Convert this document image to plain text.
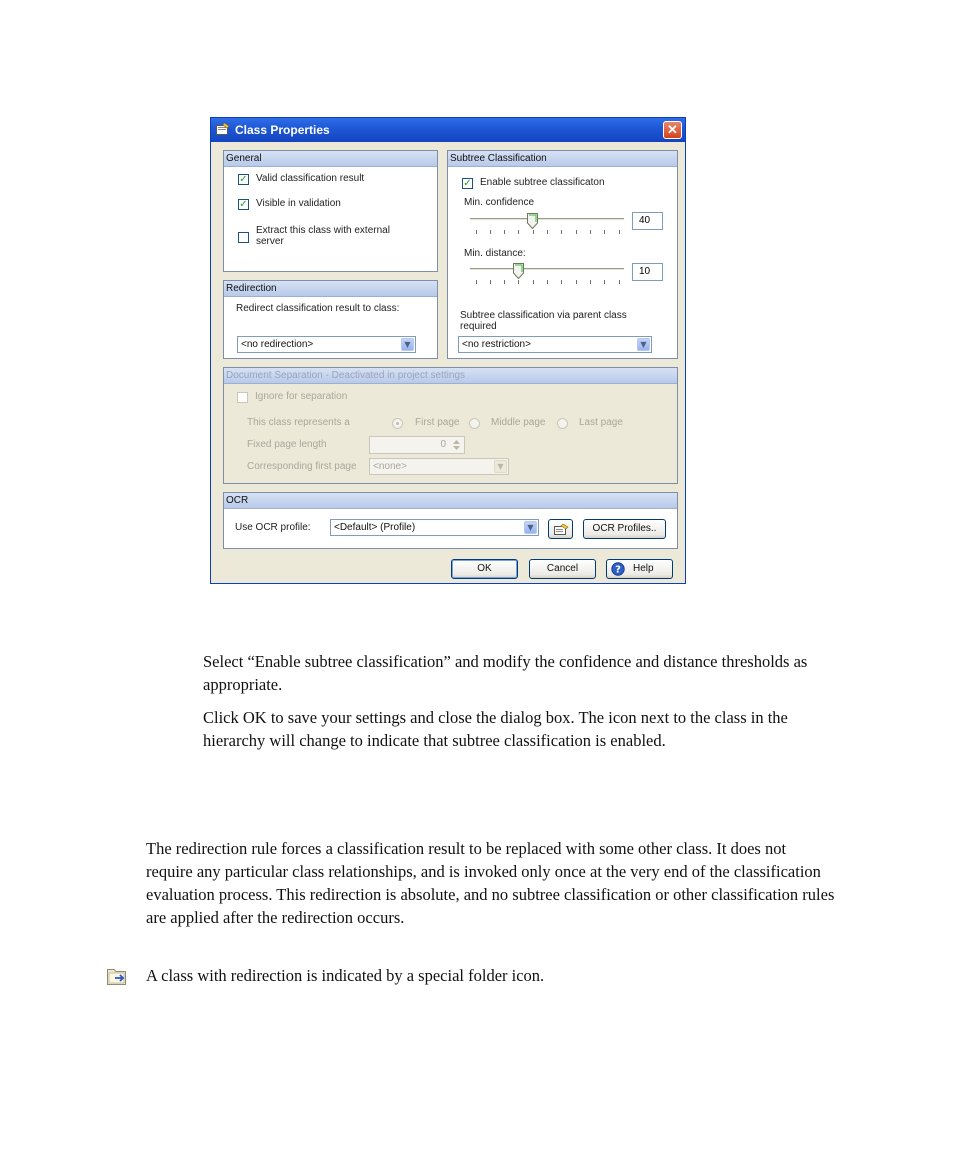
Class Properties	✕
General
✓ Valid classification result
✓ Visible in validation
Extract this class with external server
Subtree Classification
✓ Enable subtree classificaton
Min. confidence
40
Min. distance:
10
Subtree classification via parent class required
<no restriction>	▼
Redirection
Redirect classification result to class:
<no redirection>	▼
Document Separation - Deactivated in project settings
Ignore for separation
This class represents a	First page	Middle page	Last page
Fixed page length	0
Corresponding first page <none>	▼
OCR
Use OCR profile: <Default> (Profile)	▼	OCR Profiles..
OK	Cancel	? Help
Select “Enable subtree classification” and modify the confidence and distance thresholds as appropriate.
Click OK to save your settings and close the dialog box. The icon next to the class in the hierarchy will change to indicate that subtree classification is enabled.
The redirection rule forces a classification result to be replaced with some other class. It does not require any particular class relationships, and is invoked only once at the very end of the classification evaluation process. This redirection is absolute, and no subtree classification or other classification rules are applied after the redirection occurs.
A class with redirection is indicated by a special folder icon.
